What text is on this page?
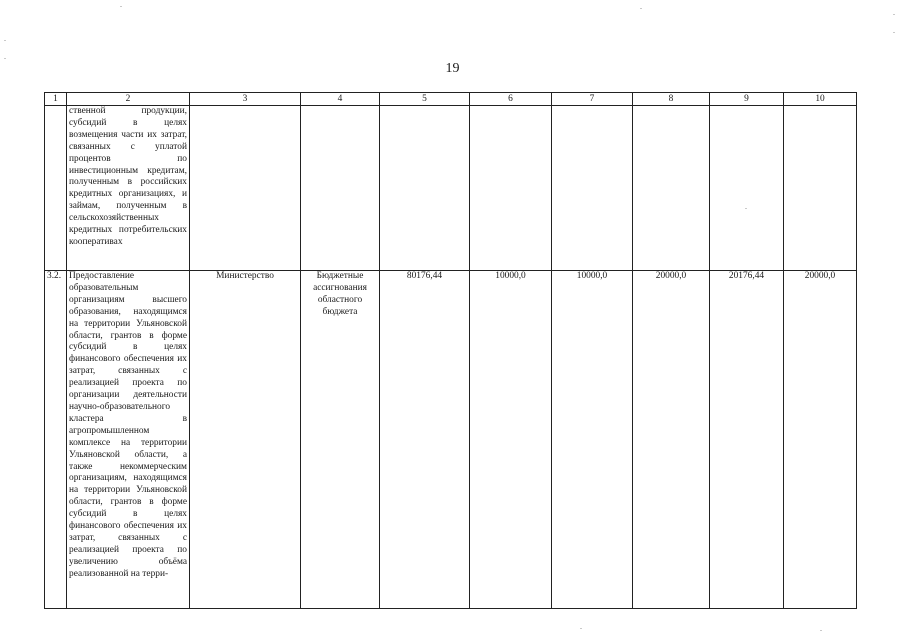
19
1	2	3	4	5	6	7	8	9	10
	ственной продукции, субсидий в целях возмещения части их затрат, связанных с уплатой процентов по инвестиционным кредитам, полученным в российских кредитных организациях, и займам, полученным в сельскохозяйственных кредитных потребительских кооперативах								
3.2.	Предоставление образовательным организациям высшего образования, находящимся на территории Ульяновской области, грантов в форме субсидий в целях финансового обеспечения их затрат, связанных с реализацией проекта по организации деятельности научно-образовательного кластера в агропромышленном комплексе на территории Ульяновской области, а также некоммерческим организациям, находящимся на территории Ульяновской области, грантов в форме субсидий в целях финансового обеспечения их затрат, связанных с реализацией проекта по увеличению объёма реализованной на терри-	Министерство	Бюджетные ассигнования областного бюджета	80176,44	10000,0	10000,0	20000,0	20176,44	20000,0
